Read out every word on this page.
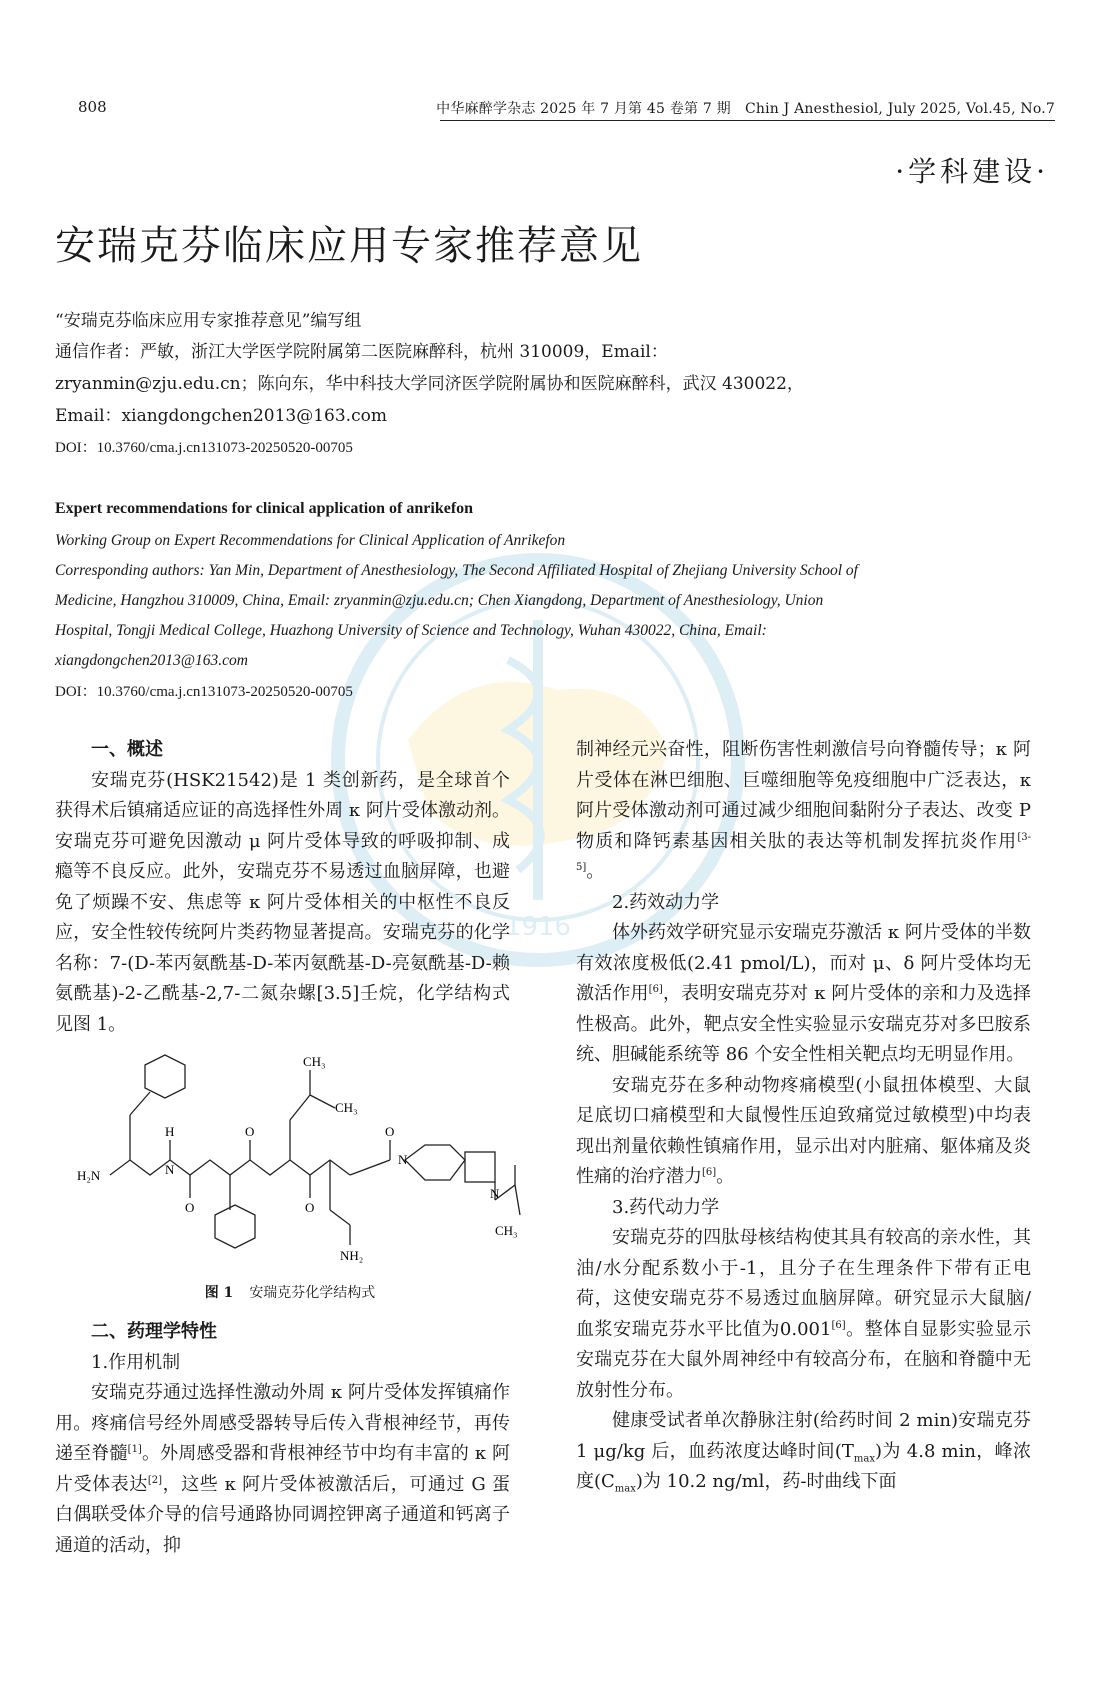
808	中华麻醉学杂志 2025 年 7 月第 45 卷第 7 期　Chin J Anesthesiol, July 2025, Vol.45, No.7
·学科建设·
1916
安瑞克芬临床应用专家推荐意见
“安瑞克芬临床应用专家推荐意见”编写组

通信作者：严敏，浙江大学医学院附属第二医院麻醉科，杭州 310009，Email：zryanmin@zju.edu.cn；陈向东，华中科技大学同济医学院附属协和医院麻醉科，武汉 430022，Email：xiangdongchen2013@163.com

DOI：10.3760/cma.j.cn131073-20250520-00705

Expert recommendations for clinical application of anrikefon

Working Group on Expert Recommendations for Clinical Application of Anrikefon

Corresponding authors: Yan Min, Department of Anesthesiology, The Second Affiliated Hospital of Zhejiang University School of Medicine, Hangzhou 310009, China, Email: zryanmin@zju.edu.cn; Chen Xiangdong, Department of Anesthesiology, Union Hospital, Tongji Medical College, Huazhong University of Science and Technology, Wuhan 430022, China, Email: xiangdongchen2013@163.com

DOI：10.3760/cma.j.cn131073-20250520-00705

一、概述

安瑞克芬(HSK21542)是 1 类创新药，是全球首个获得术后镇痛适应证的高选择性外周 κ 阿片受体激动剂。安瑞克芬可避免因激动 μ 阿片受体导致的呼吸抑制、成瘾等不良反应。此外，安瑞克芬不易透过血脑屏障，也避免了烦躁不安、焦虑等 κ 阿片受体相关的中枢性不良反应，安全性较传统阿片类药物显著提高。安瑞克芬的化学名称：7-(D-苯丙氨酰基-D-苯丙氨酰基-D-亮氨酰基-D-赖氨酰基)-2-乙酰基-2,7-二氮杂螺[3.5]壬烷，化学结构式见图 1。

H₂N
H
N
O
O
O
O
CH₃
CH₃
CH₃
N
N
NH₂
图 1 安瑞克芬化学结构式

二、药理学特性

1.作用机制

安瑞克芬通过选择性激动外周 κ 阿片受体发挥镇痛作用。疼痛信号经外周感受器转导后传入背根神经节，再传递至脊髓[1]。外周感受器和背根神经节中均有丰富的 κ 阿片受体表达[2]，这些 κ 阿片受体被激活后，可通过 G 蛋白偶联受体介导的信号通路协同调控钾离子通道和钙离子通道的活动，抑

制神经元兴奋性，阻断伤害性刺激信号向脊髓传导；κ 阿片受体在淋巴细胞、巨噬细胞等免疫细胞中广泛表达，κ 阿片受体激动剂可通过减少细胞间黏附分子表达、改变 P 物质和降钙素基因相关肽的表达等机制发挥抗炎作用[3-5]。

2.药效动力学

体外药效学研究显示安瑞克芬激活 κ 阿片受体的半数有效浓度极低(2.41 pmol/L)，而对 μ、δ 阿片受体均无激活作用[6]，表明安瑞克芬对 κ 阿片受体的亲和力及选择性极高。此外，靶点安全性实验显示安瑞克芬对多巴胺系统、胆碱能系统等 86 个安全性相关靶点均无明显作用。

安瑞克芬在多种动物疼痛模型(小鼠扭体模型、大鼠足底切口痛模型和大鼠慢性压迫致痛觉过敏模型)中均表现出剂量依赖性镇痛作用，显示出对内脏痛、躯体痛及炎性痛的治疗潜力[6]。

3.药代动力学

安瑞克芬的四肽母核结构使其具有较高的亲水性，其油/水分配系数小于-1，且分子在生理条件下带有正电荷，这使安瑞克芬不易透过血脑屏障。研究显示大鼠脑/血浆安瑞克芬水平比值为0.001[6]。整体自显影实验显示安瑞克芬在大鼠外周神经中有较高分布，在脑和脊髓中无放射性分布。

健康受试者单次静脉注射(给药时间 2 min)安瑞克芬 1 μg/kg 后，血药浓度达峰时间$(T_{max})$为 4.8 min，峰浓度$(C_{max})$为 10.2 ng/ml，药-时曲线下面
